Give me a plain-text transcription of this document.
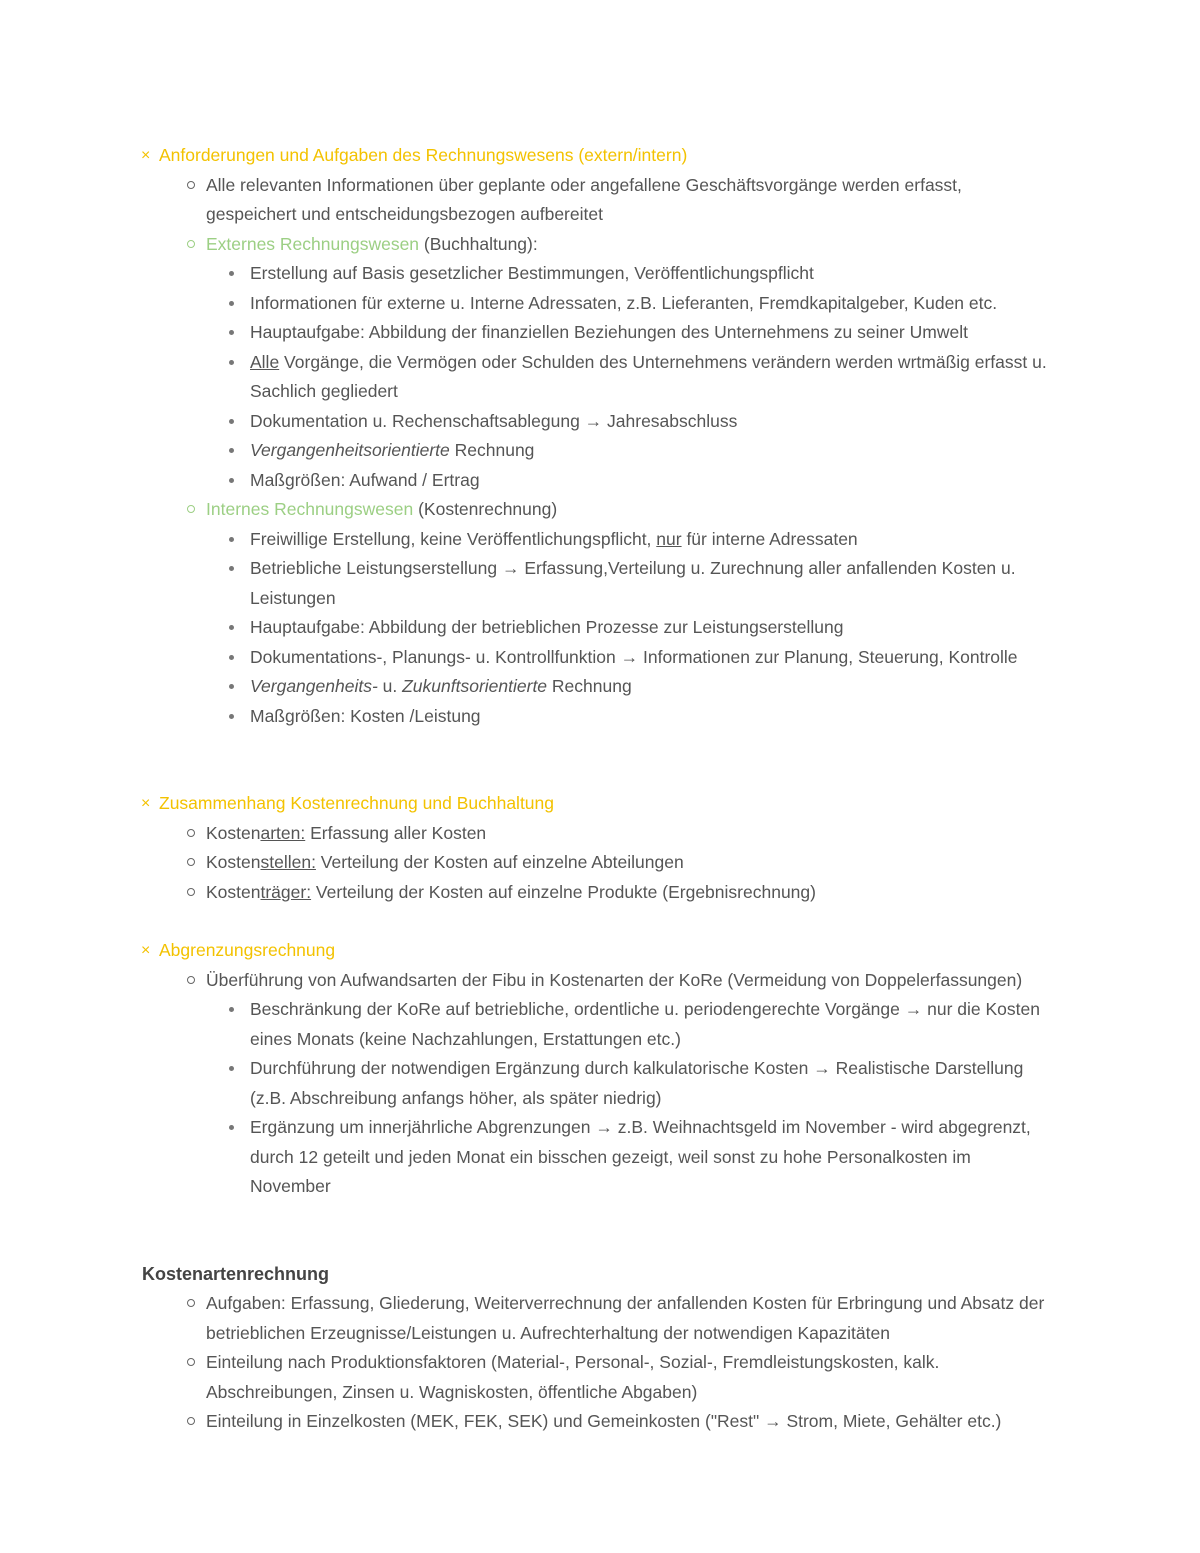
× Anforderungen und Aufgaben des Rechnungswesens (extern/intern)
Alle relevanten Informationen über geplante oder angefallene Geschäftsvorgänge werden erfasst, gespeichert und entscheidungsbezogen aufbereitet
Externes Rechnungswesen (Buchhaltung):
Erstellung auf Basis gesetzlicher Bestimmungen, Veröffentlichungspflicht
Informationen für externe u. Interne Adressaten, z.B. Lieferanten, Fremdkapitalgeber, Kuden etc.
Hauptaufgabe: Abbildung der finanziellen Beziehungen des Unternehmens zu seiner Umwelt
Alle Vorgänge, die Vermögen oder Schulden des Unternehmens verändern werden wrtmäßig erfasst u. Sachlich gegliedert
Dokumentation u. Rechenschaftsablegung → Jahresabschluss
Vergangenheitsorientierte Rechnung
Maßgrößen: Aufwand / Ertrag
Internes Rechnungswesen (Kostenrechnung)
Freiwillige Erstellung, keine Veröffentlichungspflicht, nur für interne Adressaten
Betriebliche Leistungserstellung → Erfassung,Verteilung u. Zurechnung aller anfallenden Kosten u. Leistungen
Hauptaufgabe: Abbildung der betrieblichen Prozesse zur Leistungserstellung
Dokumentations-, Planungs- u. Kontrollfunktion → Informationen zur Planung, Steuerung, Kontrolle
Vergangenheits- u. Zukunftsorientierte Rechnung
Maßgrößen: Kosten /Leistung
× Zusammenhang Kostenrechnung und Buchhaltung
Kostenarten: Erfassung aller Kosten
Kostenstellen: Verteilung der Kosten auf einzelne Abteilungen
Kostenträger: Verteilung der Kosten auf einzelne Produkte (Ergebnisrechnung)
× Abgrenzungsrechnung
Überführung von Aufwandsarten der Fibu in Kostenarten der KoRe (Vermeidung von Doppelerfassungen)
Beschränkung der KoRe auf betriebliche, ordentliche u. periodengerechte Vorgänge → nur die Kosten eines Monats (keine Nachzahlungen, Erstattungen etc.)
Durchführung der notwendigen Ergänzung durch kalkulatorische Kosten → Realistische Darstellung (z.B. Abschreibung anfangs höher, als später niedrig)
Ergänzung um innerjährliche Abgrenzungen → z.B. Weihnachtsgeld im November - wird abgegrenzt, durch 12 geteilt und jeden Monat ein bisschen gezeigt, weil sonst zu hohe Personalkosten im November
Kostenartenrechnung
Aufgaben: Erfassung, Gliederung, Weiterverrechnung der anfallenden Kosten für Erbringung und Absatz der betrieblichen Erzeugnisse/Leistungen u. Aufrechterhaltung der notwendigen Kapazitäten
Einteilung nach Produktionsfaktoren (Material-, Personal-, Sozial-, Fremdleistungskosten, kalk. Abschreibungen, Zinsen u. Wagniskosten, öffentliche Abgaben)
Einteilung in Einzelkosten (MEK, FEK, SEK) und Gemeinkosten ("Rest" → Strom, Miete, Gehälter etc.)
